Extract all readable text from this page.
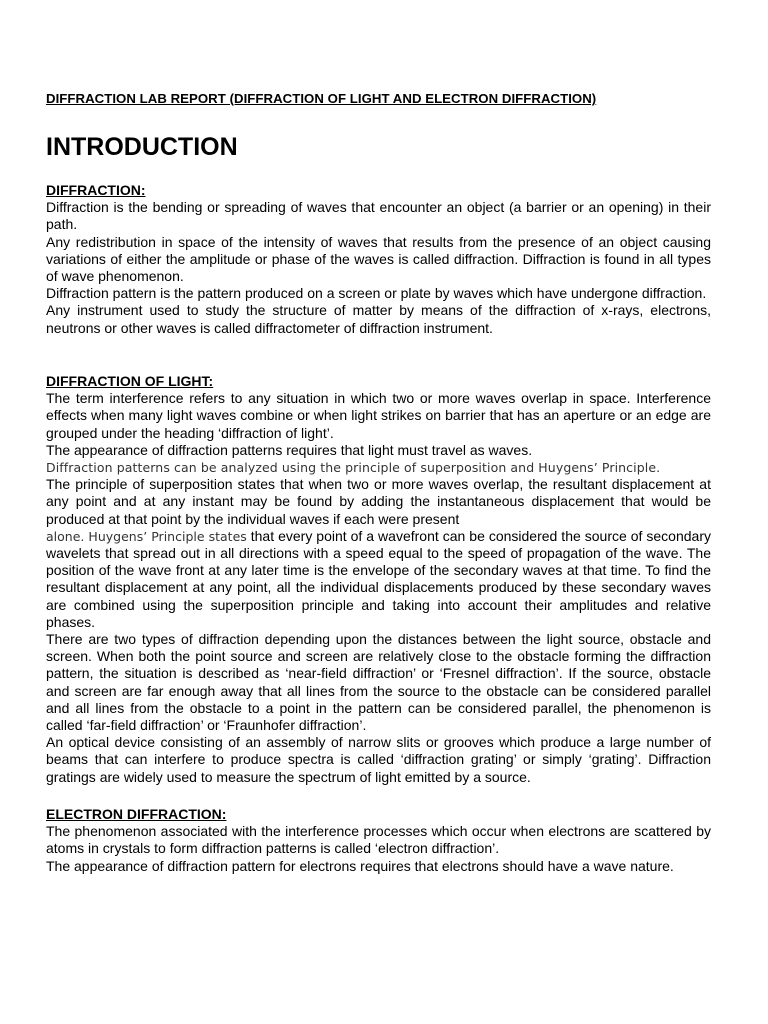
DIFFRACTION LAB REPORT (DIFFRACTION OF LIGHT AND ELECTRON DIFFRACTION)
INTRODUCTION

DIFFRACTION:

Diffraction is the bending or spreading of waves that encounter an object (a barrier or an opening) in their path.

Any redistribution in space of the intensity of waves that results from the presence of an object causing variations of either the amplitude or phase of the waves is called diffraction. Diffraction is found in all types of wave phenomenon.

Diffraction pattern is the pattern produced on a screen or plate by waves which have undergone diffraction.

Any instrument used to study the structure of matter by means of the diffraction of x-rays, electrons, neutrons or other waves is called diffractometer of diffraction instrument.

DIFFRACTION OF LIGHT:

The term interference refers to any situation in which two or more waves overlap in space. Interference effects when many light waves combine or when light strikes on barrier that has an aperture or an edge are grouped under the heading ‘diffraction of light’.

The appearance of diffraction patterns requires that light must travel as waves.

Diffraction patterns can be analyzed using the principle of superposition and Huygens’ Principle.

The principle of superposition states that when two or more waves overlap, the resultant displacement at any point and at any instant may be found by adding the instantaneous displacement that would be produced at that point by the individual waves if each were present

alone. Huygens’ Principle states that every point of a wavefront can be considered the source of secondary wavelets that spread out in all directions with a speed equal to the speed of propagation of the wave. The position of the wave front at any later time is the envelope of the secondary waves at that time. To find the resultant displacement at any point, all the individual displacements produced by these secondary waves are combined using the superposition principle and taking into account their amplitudes and relative phases.

There are two types of diffraction depending upon the distances between the light source, obstacle and screen. When both the point source and screen are relatively close to the obstacle forming the diffraction pattern, the situation is described as ‘near-field diffraction’ or ‘Fresnel diffraction’. If the source, obstacle and screen are far enough away that all lines from the source to the obstacle can be considered parallel and all lines from the obstacle to a point in the pattern can be considered parallel, the phenomenon is called ‘far-field diffraction’ or ‘Fraunhofer diffraction’.

An optical device consisting of an assembly of narrow slits or grooves which produce a large number of beams that can interfere to produce spectra is called ‘diffraction grating’ or simply ‘grating’. Diffraction gratings are widely used to measure the spectrum of light emitted by a source.

ELECTRON DIFFRACTION:

The phenomenon associated with the interference processes which occur when electrons are scattered by atoms in crystals to form diffraction patterns is called ‘electron diffraction’.

The appearance of diffraction pattern for electrons requires that electrons should have a wave nature.
